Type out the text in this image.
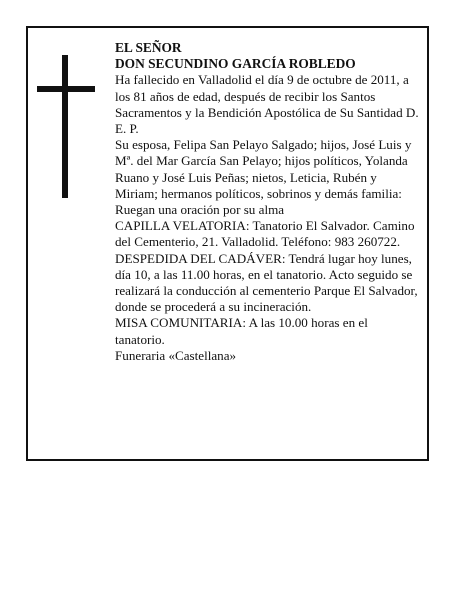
EL SEÑOR

DON SECUNDINO GARCÍA ROBLEDO

Ha fallecido en Valladolid el día 9 de octubre de 2011, a los 81 años de edad, después de recibir los Santos Sacramentos y la Bendición Apostólica de Su Santidad D. E. P.

Su esposa, Felipa San Pelayo Salgado; hijos, José Luis y Mª. del Mar García San Pelayo; hijos políticos, Yolanda Ruano y José Luis Peñas; nietos, Leticia, Rubén y Miriam; hermanos políticos, sobrinos y demás familia:

Ruegan una oración por su alma

CAPILLA VELATORIA: Tanatorio El Salvador. Camino del Cementerio, 21. Valladolid. Teléfono: 983 260722.

DESPEDIDA DEL CADÁVER: Tendrá lugar hoy lunes, día 10, a las 11.00 horas, en el tanatorio. Acto seguido se realizará la conducción al cementerio Parque El Salvador, donde se procederá a su incineración.

MISA COMUNITARIA: A las 10.00 horas en el tanatorio.

Funeraria «Castellana»
